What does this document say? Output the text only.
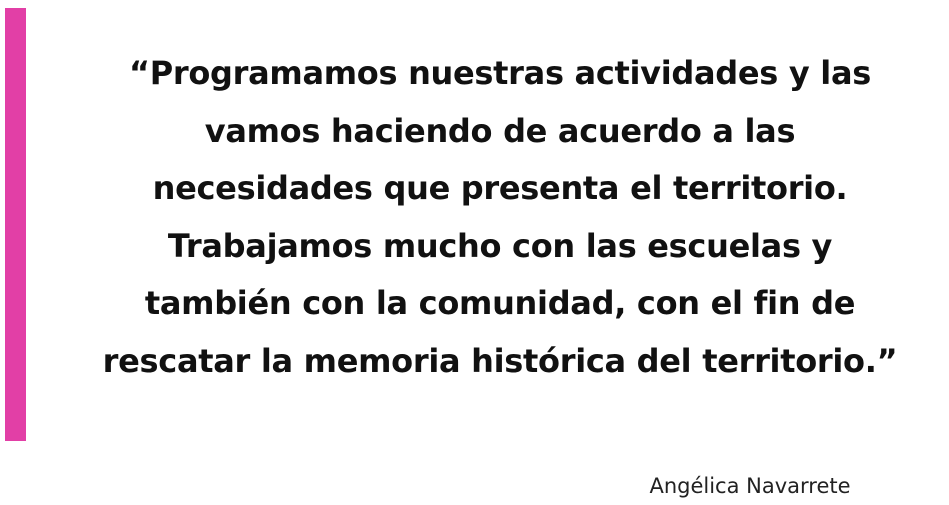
“Programamos nuestras actividades y las
vamos haciendo de acuerdo a las
necesidades que presenta el territorio.
Trabajamos mucho con las escuelas y
también con la comunidad, con el fin de
rescatar la memoria histórica del territorio.”

Angélica Navarrete
